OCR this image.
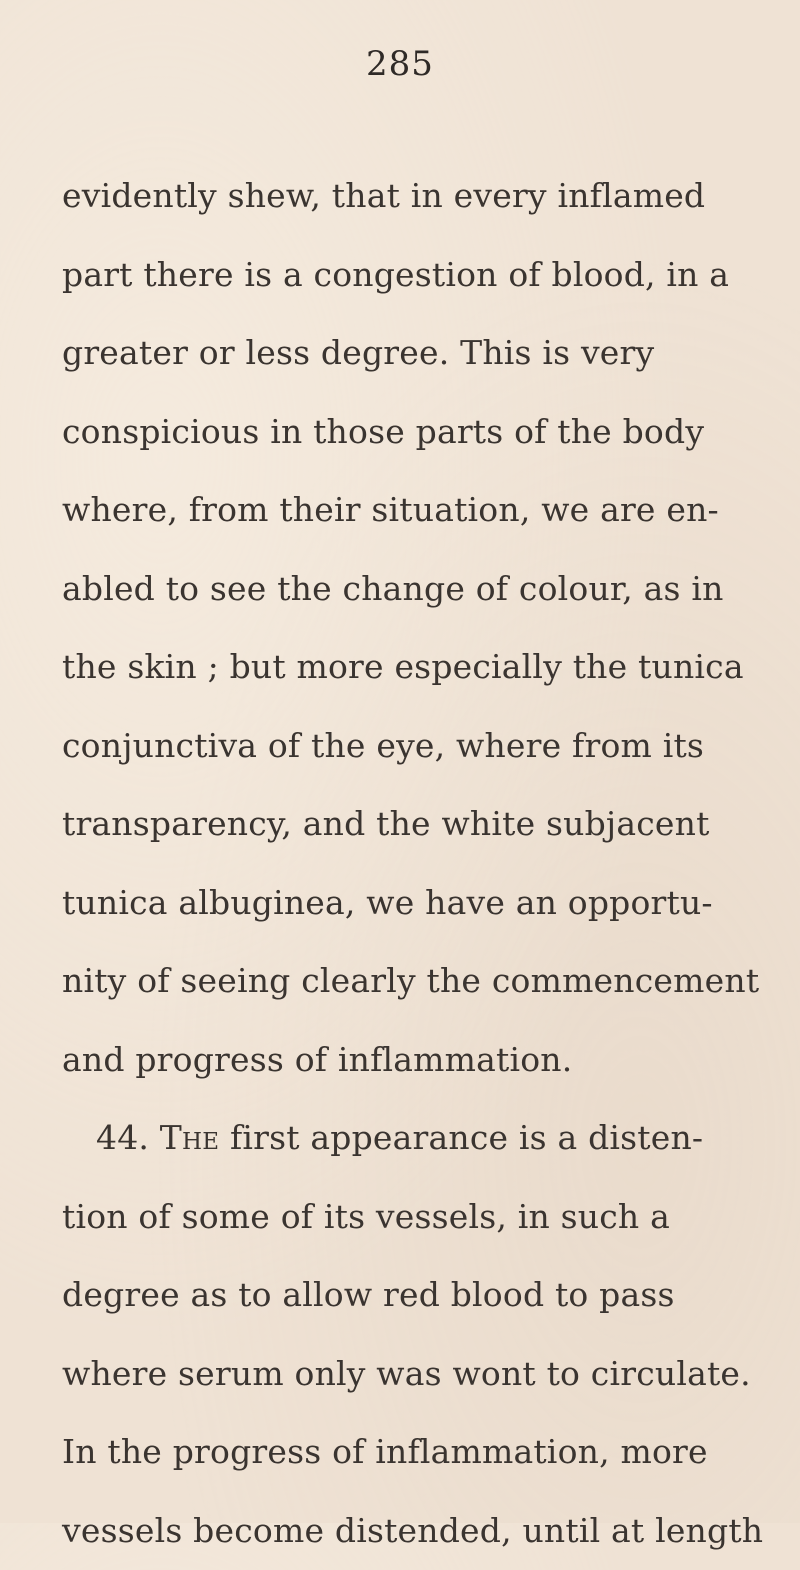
285
evidently shew, that in every inflamed
part there is a congestion of blood, in a
greater or less degree. This is very
conspicious in those parts of the body
where, from their situation, we are en-
abled to see the change of colour, as in
the skin ; but more especially the tunica
conjunctiva of the eye, where from its
transparency, and the white subjacent
tunica albuginea, we have an opportu-
nity of seeing clearly the commencement
and progress of inflammation.
44. The first appearance is a disten-
tion of some of its vessels, in such a
degree as to allow red blood to pass
where serum only was wont to circulate.
In the progress of inflammation, more
vessels become distended, until at length
